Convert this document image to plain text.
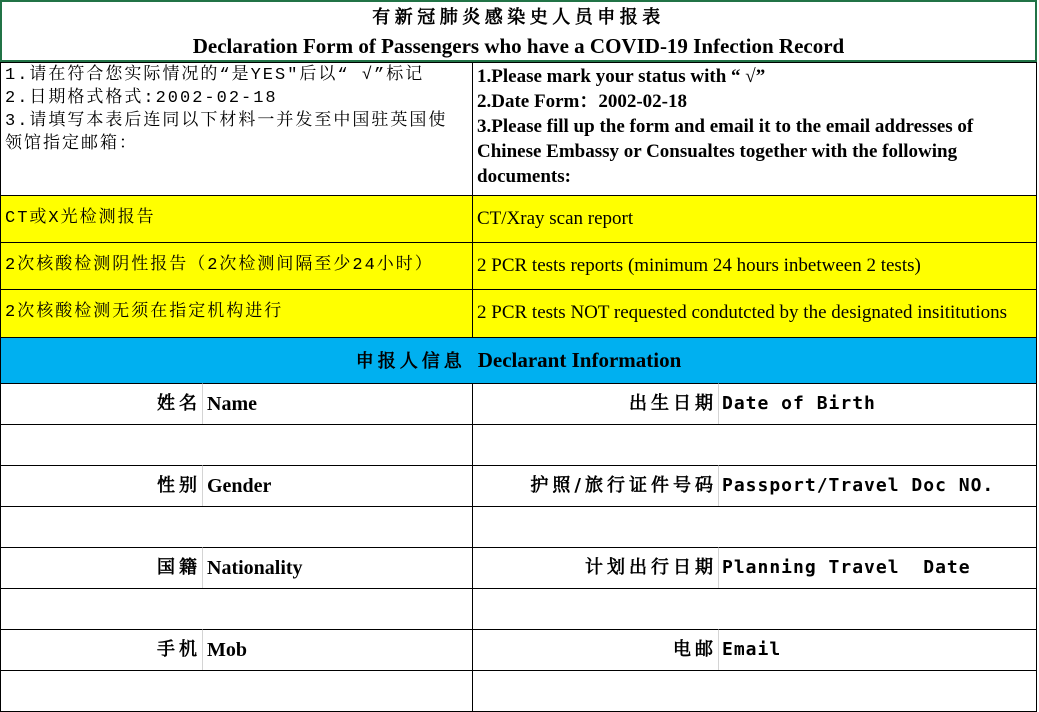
有新冠肺炎感染史人员申报表
Declaration Form of Passengers who have a COVID-19 Infection Record
1.请在符合您实际情况的“是YES"后以“ √”标记
2.日期格式格式:2002-02-18
3.请填写本表后连同以下材料一并发至中国驻英国使领馆指定邮箱：
1.Please mark your status with “ √”
2.Date Form：2002-02-18
3.Please fill up the form and email it to the email addresses of Chinese Embassy or Consualtes together with the following documents:
CT或X光检测报告	CT/Xray scan report
2次核酸检测阴性报告（2次检测间隔至少24小时）	2 PCR tests reports (minimum 24 hours inbetween 2 tests)
2次核酸检测无须在指定机构进行	2 PCR tests NOT requested condutcted by the designated insititutions
申报人信息 Declarant Information
姓名 Name	出生日期 Date of Birth
性别 Gender	护照/旅行证件号码 Passport/Travel Doc NO.
国籍 Nationality	计划出行日期 Planning Travel  Date
手机 Mob	电邮 Email
